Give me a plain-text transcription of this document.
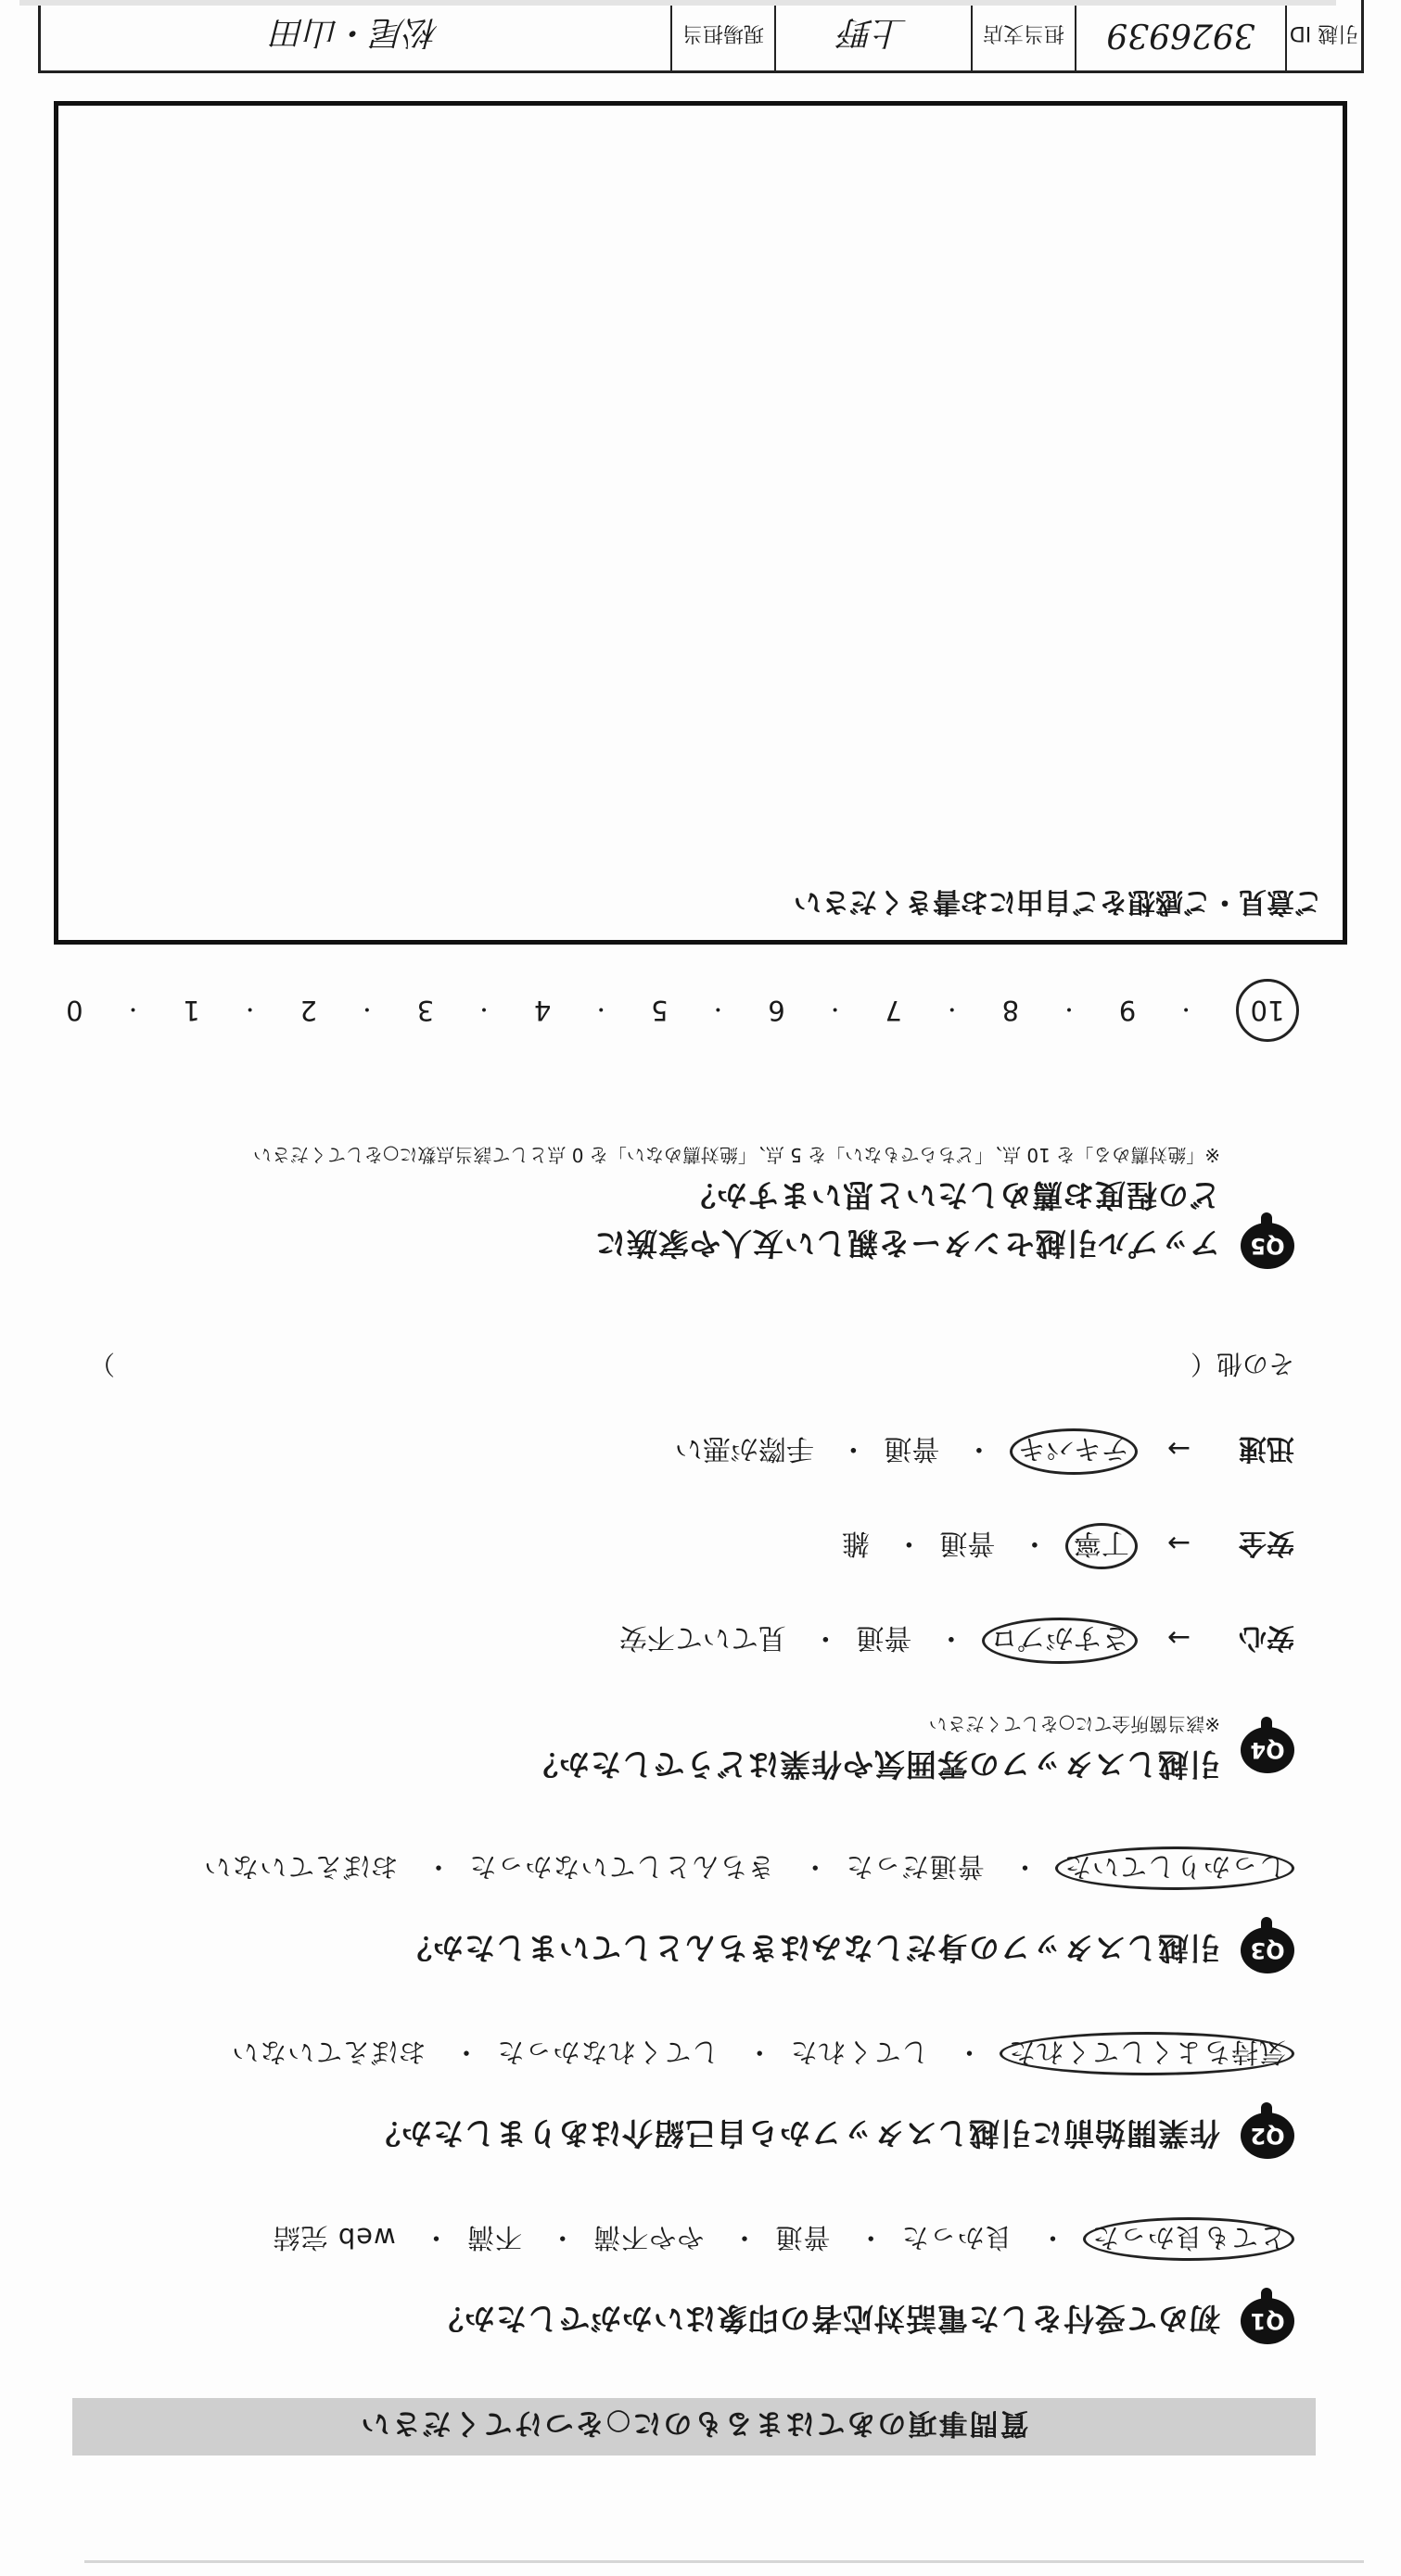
質問事項のあてはまるものに○をつけてください
Q1
初めて受付をした電話対応者の印象はいかがでしたか？
とても良かった・ 良かった・ 普通・ やや不満・ 不満・ web 完結
Q2
作業開始前に引越しスタッフから自己紹介はありましたか？
気持ちよくしてくれた・ してくれた・ してくれなかった・ おぼえていない
Q3
引越しスタッフの身だしなみはきちんとしていましたか？
しっかりしていた・ 普通だった・ きちんとしていなかった・ おぼえていない
Q4
引越しスタッフの雰囲気や作業はどうでしたか？
※該当箇所全てに○をしてください
安心 → さすがプロ・ 普通・ 見ていて不安
安全 → 丁寧・ 普通・ 雑
迅速 → テキパキ・ 普通・ 手際が悪い
その他（）
Q5
アップル引越センターを親しい友人や家族に
どの程度お薦めしたいと思いますか？
※「絶対薦める」を 10 点、「どちらでもない」を 5 点、「絶対薦めない」を 0 点として該当点数に○をしてください
10
・
9
・
8
・
7
・
6
・
5
・
4
・
3
・
2
・
1
・
0
ご意見・ご感想をご自由にお書きください
引越 ID
3926939
担当支店
上野
現場担当
松尾・山田
